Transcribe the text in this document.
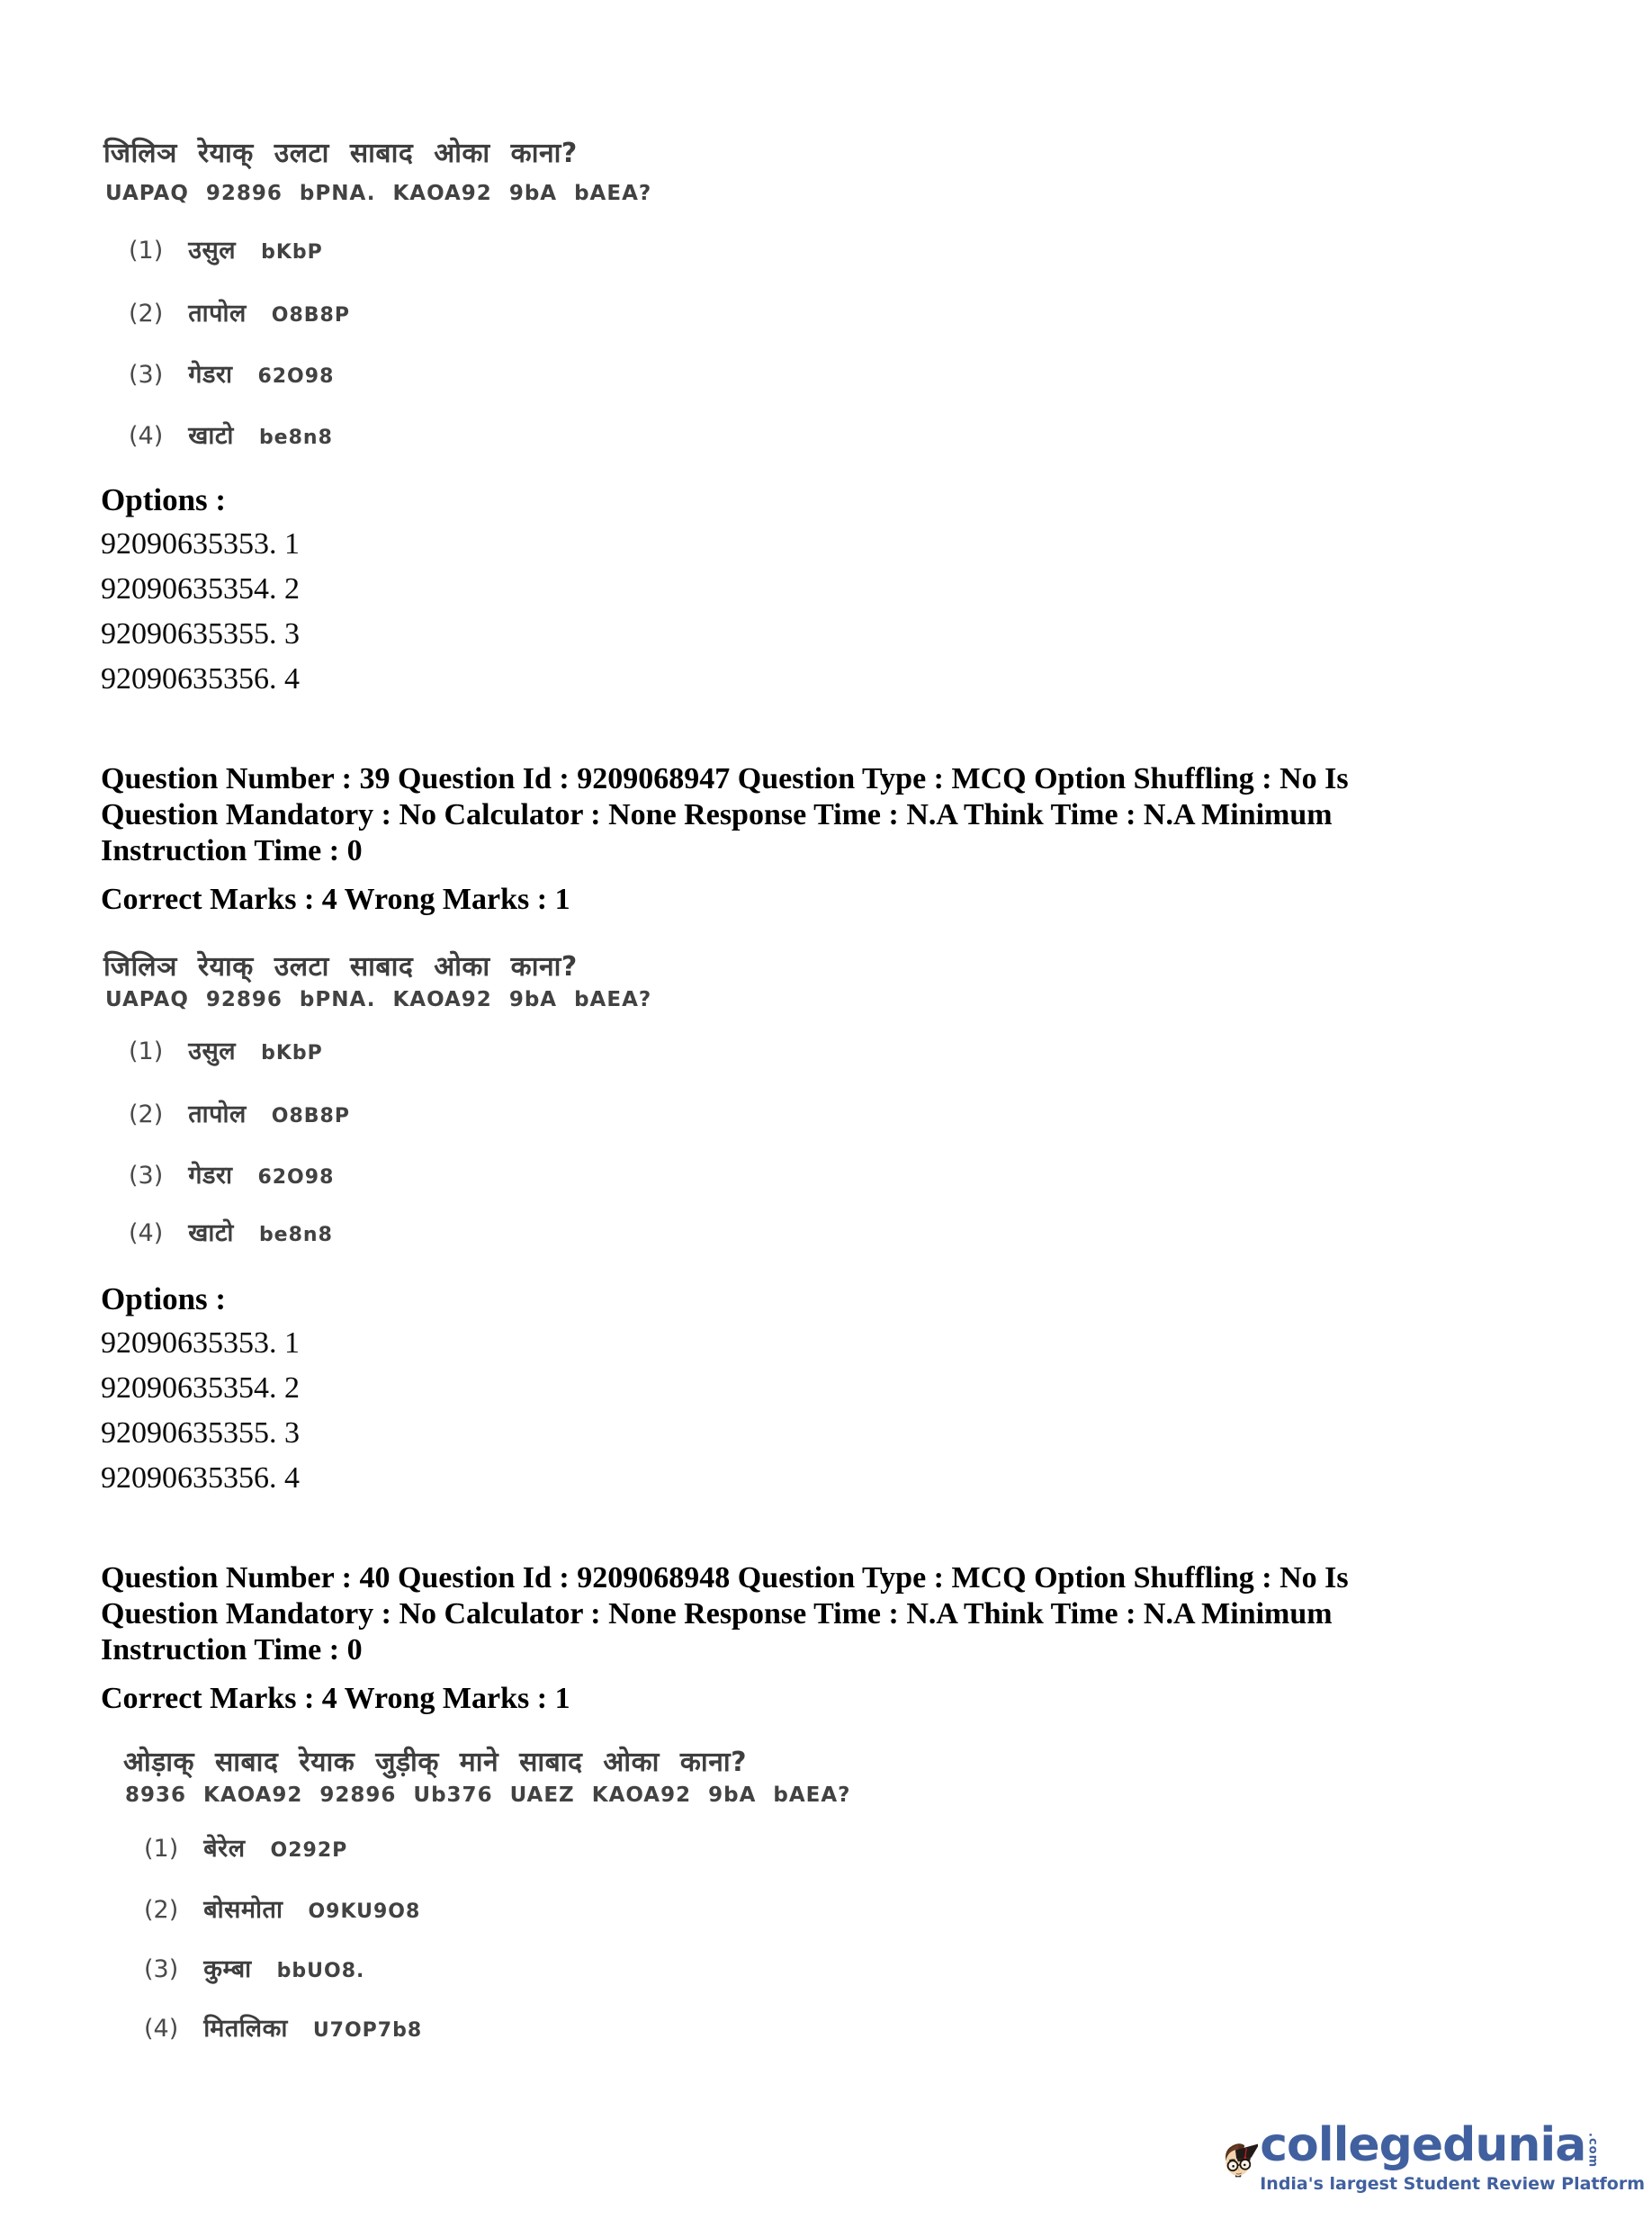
जिलिञ रेयाक् उलटा साबाद ओका काना?
UAPAQ 92896 bPNA. KAOA92 9bA bAEA?
(1) उसुल bKbP
(2) तापोल O8B8P
(3) गेडरा 62O98
(4) खाटो be8n8
Options :
92090635353. 1
92090635354. 2
92090635355. 3
92090635356. 4
Question Number : 39 Question Id : 9209068947 Question Type : MCQ Option Shuffling : No Is
Question Mandatory : No Calculator : None Response Time : N.A Think Time : N.A Minimum
Instruction Time : 0
Correct Marks : 4 Wrong Marks : 1
जिलिञ रेयाक् उलटा साबाद ओका काना?
UAPAQ 92896 bPNA. KAOA92 9bA bAEA?
(1) उसुल bKbP
(2) तापोल O8B8P
(3) गेडरा 62O98
(4) खाटो be8n8
Options :
92090635353. 1
92090635354. 2
92090635355. 3
92090635356. 4
Question Number : 40 Question Id : 9209068948 Question Type : MCQ Option Shuffling : No Is
Question Mandatory : No Calculator : None Response Time : N.A Think Time : N.A Minimum
Instruction Time : 0
Correct Marks : 4 Wrong Marks : 1
ओड़ाक् साबाद रेयाक जुड़ीक् माने साबाद ओका काना?
8936 KAOA92 92896 Ub376 UAEZ KAOA92 9bA bAEA?
(1) बेरेल O292P
(2) बोसमोता O9KU9O8
(3) कुम्बा bbUO8.
(4) मितलिका U7OP7b8
collegedunia .com
India's largest Student Review Platform
